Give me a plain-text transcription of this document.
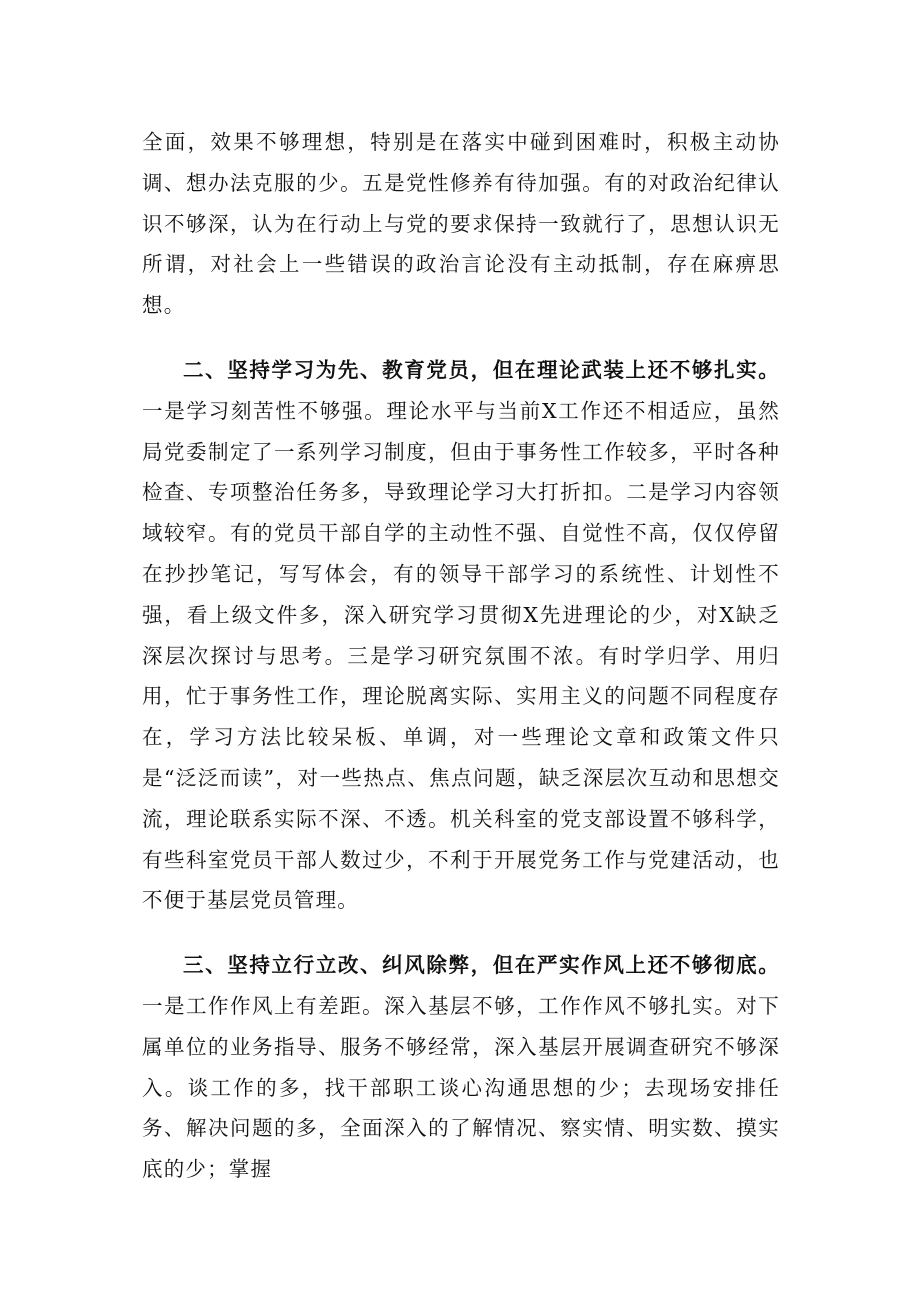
全面，效果不够理想，特别是在落实中碰到困难时，积极主动协调、想办法克服的少。五是党性修养有待加强。有的对政治纪律认识不够深，认为在行动上与党的要求保持一致就行了，思想认识无所谓，对社会上一些错误的政治言论没有主动抵制，存在麻痹思想。

二、坚持学习为先、教育党员，但在理论武装上还不够扎实。一是学习刻苦性不够强。理论水平与当前X工作还不相适应，虽然局党委制定了一系列学习制度，但由于事务性工作较多，平时各种检查、专项整治任务多，导致理论学习大打折扣。二是学习内容领域较窄。有的党员干部自学的主动性不强、自觉性不高，仅仅停留在抄抄笔记，写写体会，有的领导干部学习的系统性、计划性不强，看上级文件多，深入研究学习贯彻X先进理论的少，对X缺乏深层次探讨与思考。三是学习研究氛围不浓。有时学归学、用归用，忙于事务性工作，理论脱离实际、实用主义的问题不同程度存在，学习方法比较呆板、单调，对一些理论文章和政策文件只是“泛泛而读”，对一些热点、焦点问题，缺乏深层次互动和思想交流，理论联系实际不深、不透。机关科室的党支部设置不够科学，有些科室党员干部人数过少，不利于开展党务工作与党建活动，也不便于基层党员管理。

三、坚持立行立改、纠风除弊，但在严实作风上还不够彻底。一是工作作风上有差距。深入基层不够，工作作风不够扎实。对下属单位的业务指导、服务不够经常，深入基层开展调查研究不够深入。谈工作的多，找干部职工谈心沟通思想的少；去现场安排任务、解决问题的多，全面深入的了解情况、察实情、明实数、摸实底的少；掌握
